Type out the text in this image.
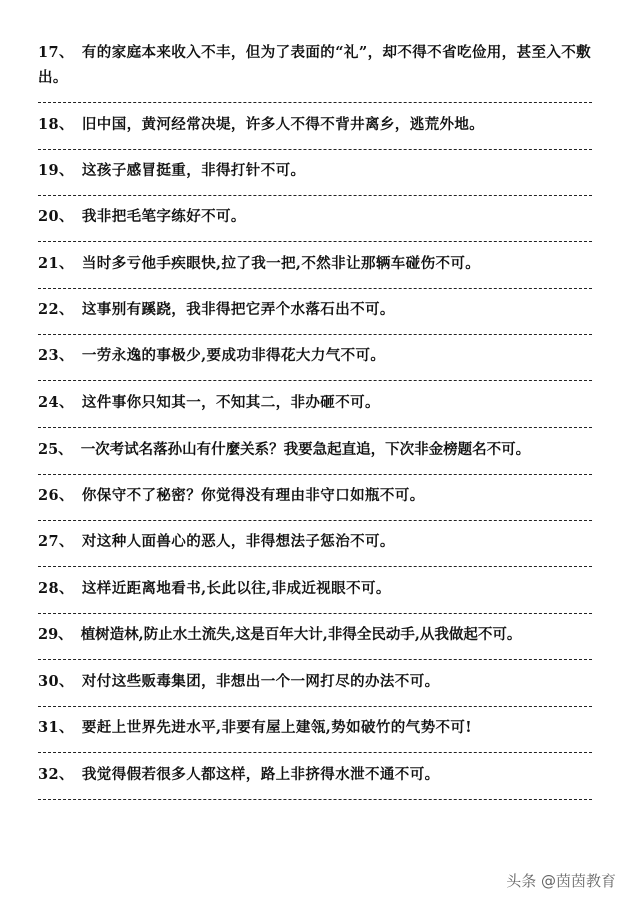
17、 有的家庭本来收入不丰，但为了表面的“礼”，却不得不省吃俭用，甚至入不敷出。
18、 旧中国，黄河经常决堤，许多人不得不背井离乡，逃荒外地。
19、 这孩子感冒挺重，非得打针不可。
20、 我非把毛笔字练好不可。
21、 当时多亏他手疾眼快,拉了我一把,不然非让那辆车碰伤不可。
22、 这事别有蹊跷，我非得把它弄个水落石出不可。
23、 一劳永逸的事极少,要成功非得花大力气不可。
24、 这件事你只知其一，不知其二，非办砸不可。
25、 一次考试名落孙山有什麼关系？我要急起直追，下次非金榜题名不可。
26、 你保守不了秘密？你觉得没有理由非守口如瓶不可。
27、 对这种人面兽心的恶人，非得想法子惩治不可。
28、 这样近距离地看书,长此以往,非成近视眼不可。
29、 植树造林,防止水土流失,这是百年大计,非得全民动手,从我做起不可。
30、 对付这些贩毒集团，非想出一个一网打尽的办法不可。
31、 要赶上世界先进水平,非要有屋上建瓴,势如破竹的气势不可!
32、 我觉得假若很多人都这样，路上非挤得水泄不通不可。
头条 @茵茵教育
